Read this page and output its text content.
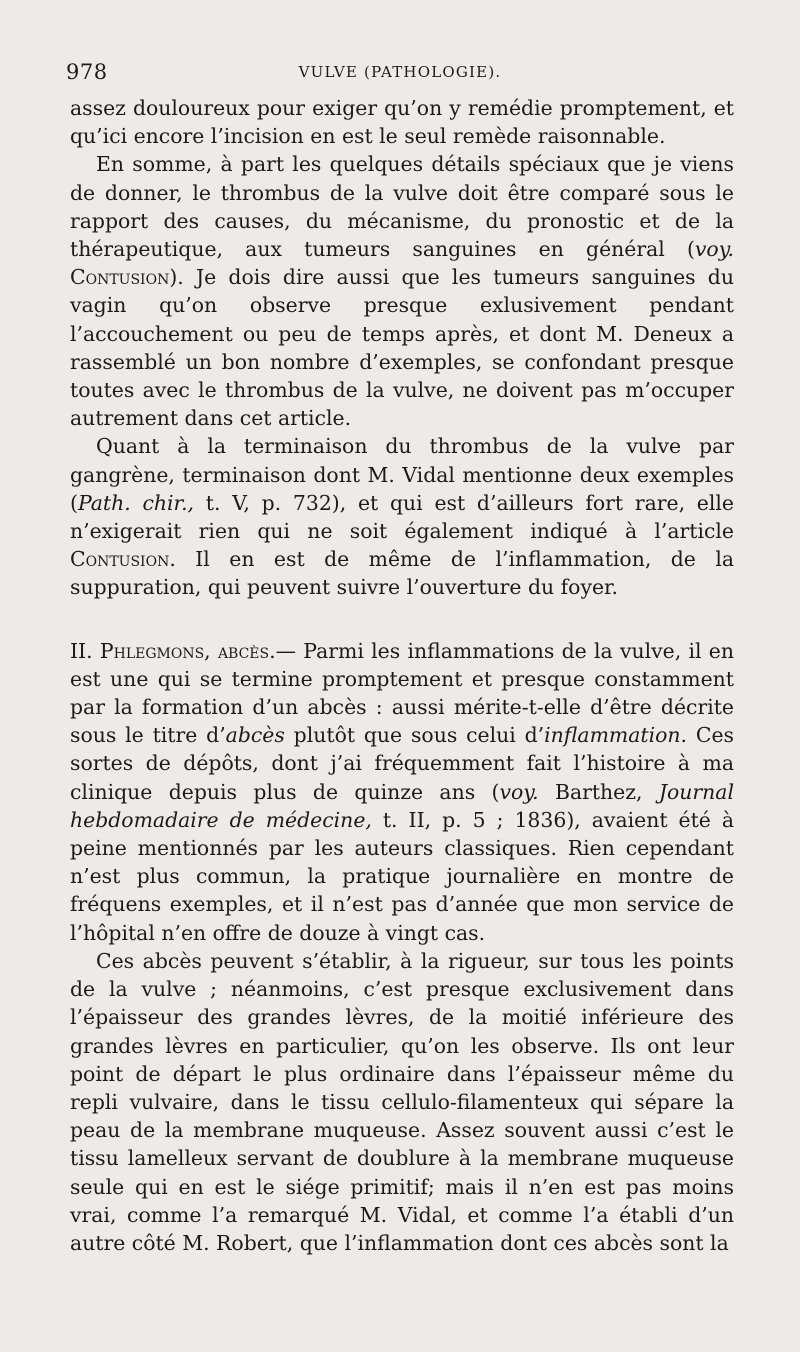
978	VULVE (PATHOLOGIE).

assez douloureux pour exiger qu’on y remédie promptement, et qu’ici encore l’incision en est le seul remède raisonnable.

En somme, à part les quelques détails spéciaux que je viens de donner, le thrombus de la vulve doit être comparé sous le rapport des causes, du mécanisme, du pronostic et de la thérapeutique, aux tumeurs sanguines en général (voy. Contusion). Je dois dire aussi que les tumeurs sanguines du vagin qu’on observe presque exlusivement pendant l’accouchement ou peu de temps après, et dont M. Deneux a rassemblé un bon nombre d’exemples, se confondant presque toutes avec le thrombus de la vulve, ne doivent pas m’occuper autrement dans cet article.

Quant à la terminaison du thrombus de la vulve par gangrène, terminaison dont M. Vidal mentionne deux exemples (Path. chir., t. V, p. 732), et qui est d’ailleurs fort rare, elle n’exigerait rien qui ne soit également indiqué à l’article Contusion. Il en est de même de l’inflammation, de la suppuration, qui peuvent suivre l’ouverture du foyer.

II. Phlegmons, abcès.— Parmi les inflammations de la vulve, il en est une qui se termine promptement et presque constamment par la formation d’un abcès : aussi mérite-t-elle d’être décrite sous le titre d’abcès plutôt que sous celui d’inflammation. Ces sortes de dépôts, dont j’ai fréquemment fait l’histoire à ma clinique depuis plus de quinze ans (voy. Barthez, Journal hebdomadaire de médecine, t. II, p. 5 ; 1836), avaient été à peine mentionnés par les auteurs classiques. Rien cependant n’est plus commun, la pratique journalière en montre de fréquens exemples, et il n’est pas d’année que mon service de l’hôpital n’en offre de douze à vingt cas.

Ces abcès peuvent s’établir, à la rigueur, sur tous les points de la vulve ; néanmoins, c’est presque exclusivement dans l’épaisseur des grandes lèvres, de la moitié inférieure des grandes lèvres en particulier, qu’on les observe. Ils ont leur point de départ le plus ordinaire dans l’épaisseur même du repli vulvaire, dans le tissu cellulo-filamenteux qui sépare la peau de la membrane muqueuse. Assez souvent aussi c’est le tissu lamelleux servant de doublure à la membrane muqueuse seule qui en est le siége primitif; mais il n’en est pas moins vrai, comme l’a remarqué M. Vidal, et comme l’a établi d’un autre côté M. Robert, que l’inflammation dont ces abcès sont la
